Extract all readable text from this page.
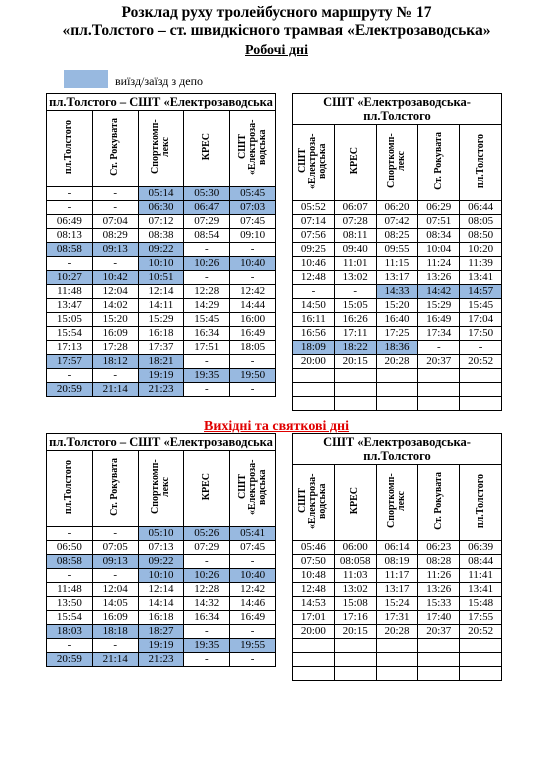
Розклад руху тролейбусного маршруту № 17
«пл.Толстого – ст. швидкісного трамвая «Електрозаводська»
Робочі дні
виїзд/заїзд з депо
пл.Толстого – СШТ «Електрозаводська				
пл.Толстого	Ст. Рокувата	Спорткомп-лекс	КРЕС	СШТ «Електроза-водська
-	-	05:14	05:30	05:45
-	-	06:30	06:47	07:03
06:49	07:04	07:12	07:29	07:45
08:13	08:29	08:38	08:54	09:10
08:58	09:13	09:22	-	-
-	-	10:10	10:26	10:40
10:27	10:42	10:51	-	-
11:48	12:04	12:14	12:28	12:42
13:47	14:02	14:11	14:29	14:44
15:05	15:20	15:29	15:45	16:00
15:54	16:09	16:18	16:34	16:49
17:13	17:28	17:37	17:51	18:05
17:57	18:12	18:21	-	-
-	-	19:19	19:35	19:50
20:59	21:14	21:23	-	-
СШТ «Електрозаводська-пл.Толстого				
СШТ «Електроза-водська	КРЕС	Спорткомп-лекс	Ст. Рокувата	пл.Толстого
05:52	06:07	06:20	06:29	06:44
07:14	07:28	07:42	07:51	08:05
07:56	08:11	08:25	08:34	08:50
09:25	09:40	09:55	10:04	10:20
10:46	11:01	11:15	11:24	11:39
12:48	13:02	13:17	13:26	13:41
-	-	14:33	14:42	14:57
14:50	15:05	15:20	15:29	15:45
16:11	16:26	16:40	16:49	17:04
16:56	17:11	17:25	17:34	17:50
18:09	18:22	18:36	-	-
20:00	20:15	20:28	20:37	20:52

Вихідні та святкові дні
пл.Толстого – СШТ «Електрозаводська				
пл.Толстого	Ст. Рокувата	Спорткомп-лекс	КРЕС	СШТ «Електроза-водська
-	-	05:10	05:26	05:41
06:50	07:05	07:13	07:29	07:45
08:58	09:13	09:22	-	-
-	-	10:10	10:26	10:40
11:48	12:04	12:14	12:28	12:42
13:50	14:05	14:14	14:32	14:46
15:54	16:09	16:18	16:34	16:49
18:03	18:18	18:27	-	-
-	-	19:19	19:35	19:55
20:59	21:14	21:23	-	-
СШТ «Електрозаводська-пл.Толстого				
СШТ «Електроза-водська	КРЕС	Спорткомп-лекс	Ст. Рокувата	пл.Толстого
05:46	06:00	06:14	06:23	06:39
07:50	08:058	08:19	08:28	08:44
10:48	11:03	11:17	11:26	11:41
12:48	13:02	13:17	13:26	13:41
14:53	15:08	15:24	15:33	15:48
17:01	17:16	17:31	17:40	17:55
20:00	20:15	20:28	20:37	20:52
